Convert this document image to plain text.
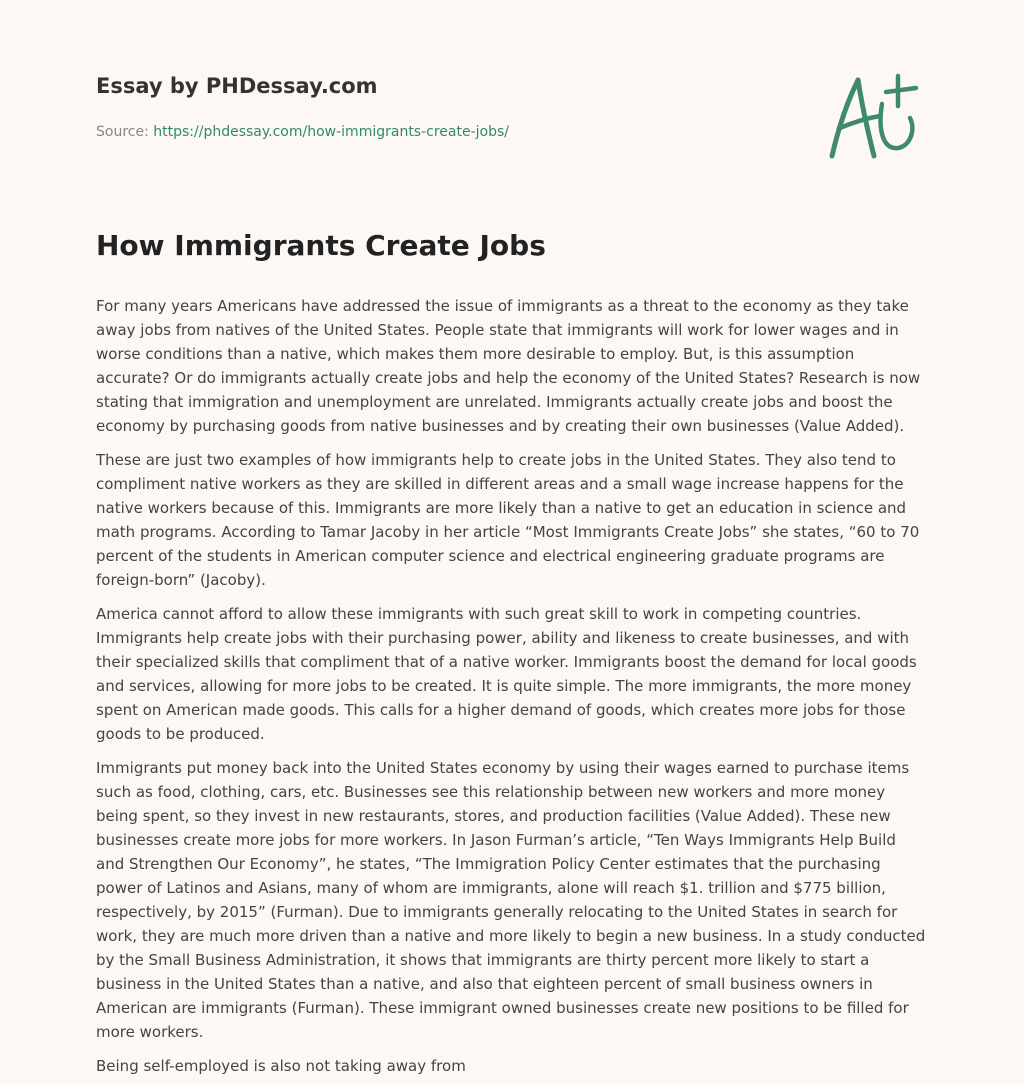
Essay by PHDessay.com
Source: https://phdessay.com/how-immigrants-create-jobs/
How Immigrants Create Jobs

For many years Americans have addressed the issue of immigrants as a threat to the economy as they take away jobs from natives of the United States. People state that immigrants will work for lower wages and in worse conditions than a native, which makes them more desirable to employ. But, is this assumption accurate? Or do immigrants actually create jobs and help the economy of the United States? Research is now stating that immigration and unemployment are unrelated. Immigrants actually create jobs and boost the economy by purchasing goods from native businesses and by creating their own businesses (Value Added).

These are just two examples of how immigrants help to create jobs in the United States. They also tend to compliment native workers as they are skilled in different areas and a small wage increase happens for the native workers because of this. Immigrants are more likely than a native to get an education in science and math programs. According to Tamar Jacoby in her article “Most Immigrants Create Jobs” she states, “60 to 70 percent of the students in American computer science and electrical engineering graduate programs are foreign-born” (Jacoby).

America cannot afford to allow these immigrants with such great skill to work in competing countries. Immigrants help create jobs with their purchasing power, ability and likeness to create businesses, and with their specialized skills that compliment that of a native worker. Immigrants boost the demand for local goods and services, allowing for more jobs to be created. It is quite simple. The more immigrants, the more money spent on American made goods. This calls for a higher demand of goods, which creates more jobs for those goods to be produced.

Immigrants put money back into the United States economy by using their wages earned to purchase items such as food, clothing, cars, etc. Businesses see this relationship between new workers and more money being spent, so they invest in new restaurants, stores, and production facilities (Value Added). These new businesses create more jobs for more workers. In Jason Furman’s article, “Ten Ways Immigrants Help Build and Strengthen Our Economy”, he states, “The Immigration Policy Center estimates that the purchasing power of Latinos and Asians, many of whom are immigrants, alone will reach $1. trillion and $775 billion, respectively, by 2015” (Furman). Due to immigrants generally relocating to the United States in search for work, they are much more driven than a native and more likely to begin a new business. In a study conducted by the Small Business Administration, it shows that immigrants are thirty percent more likely to start a business in the United States than a native, and also that eighteen percent of small business owners in American are immigrants (Furman). These immigrant owned businesses create new positions to be filled for more workers.

Being self-employed is also not taking away from
